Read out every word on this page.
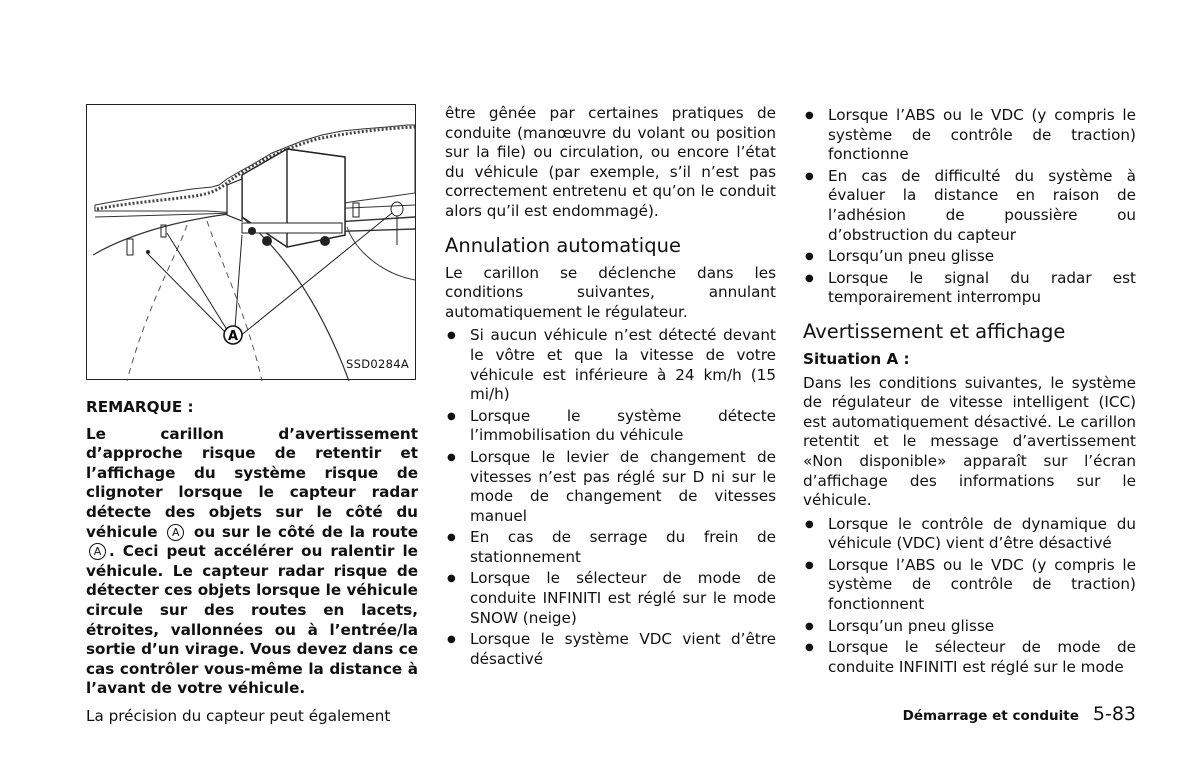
A
SSD0284A
REMARQUE :

Le carillon d’avertissement d’approche risque de retentir et l’affichage du système risque de clignoter lorsque le capteur radar détecte des objets sur le côté du véhicule A ou sur le côté de la route A . Ceci peut accélérer ou ralentir le véhicule. Le capteur radar risque de détecter ces objets lorsque le véhicule circule sur des routes en lacets, étroites, vallonnées ou à l’entrée/la sortie d’un virage. Vous devez dans ce cas contrôler vous-même la distance à l’avant de votre véhicule.

La précision du capteur peut également

être gênée par certaines pratiques de conduite (manœuvre du volant ou position sur la file) ou circulation, ou encore l’état du véhicule (par exemple, s’il n’est pas correctement entretenu et qu’on le conduit alors qu’il est endommagé).

Annulation automatique

Le carillon se déclenche dans les conditions suivantes, annulant automatiquement le régulateur.

● Si aucun véhicule n’est détecté devant le vôtre et que la vitesse de votre véhicule est inférieure à 24 km/h (15 mi/h)
● Lorsque le système détecte l’immobilisation du véhicule
● Lorsque le levier de changement de vitesses n’est pas réglé sur D ni sur le mode de changement de vitesses manuel
● En cas de serrage du frein de stationnement
● Lorsque le sélecteur de mode de conduite INFINITI est réglé sur le mode SNOW (neige)
● Lorsque le système VDC vient d’être désactivé
● Lorsque l’ABS ou le VDC (y compris le système de contrôle de traction) fonctionne
● En cas de difficulté du système à évaluer la distance en raison de l’adhésion de poussière ou d’obstruction du capteur
● Lorsqu’un pneu glisse
● Lorsque le signal du radar est temporairement interrompu
Avertissement et affichage
Situation A :

Dans les conditions suivantes, le système de régulateur de vitesse intelligent (ICC) est automatiquement désactivé. Le carillon retentit et le message d’avertissement «Non disponible» apparaît sur l’écran d’affichage des informations sur le véhicule.

● Lorsque le contrôle de dynamique du véhicule (VDC) vient d’être désactivé
● Lorsque l’ABS ou le VDC (y compris le système de contrôle de traction) fonctionnent
● Lorsqu’un pneu glisse
● Lorsque le sélecteur de mode de conduite INFINITI est réglé sur le mode
Démarrage et conduite 5-83
